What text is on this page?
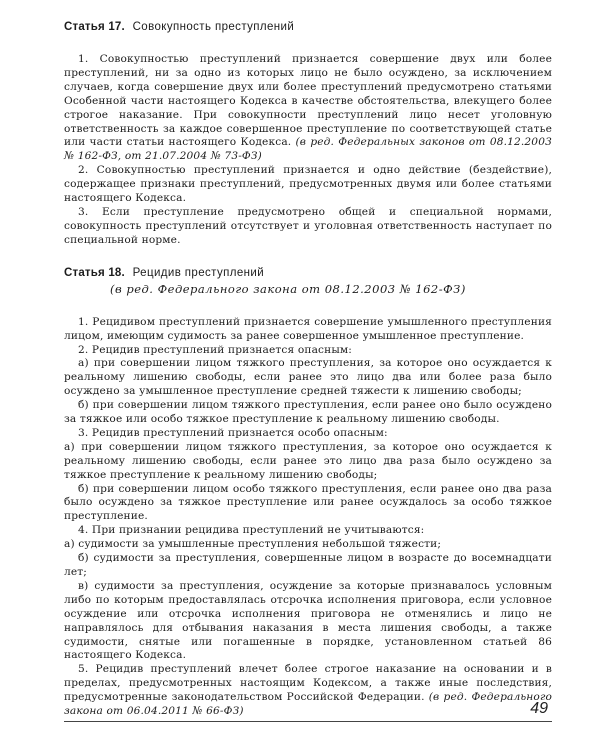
Статья 17. Совокупность преступлений

1. Совокупностью преступлений признается совершение двух или более преступлений, ни за одно из которых лицо не было осуждено, за исключением случаев, когда совершение двух или более преступлений предусмотрено статьями Особенной части настоящего Кодекса в качестве обстоятельства, влекущего более строгое наказание. При совокупности преступлений лицо несет уголовную ответственность за каждое совершенное преступление по соответствующей статье или части статьи настоящего Кодекса. (в ред. Федеральных законов от 08.12.2003 № 162-ФЗ, от 21.07.2004 № 73-ФЗ)

2. Совокупностью преступлений признается и одно действие (бездействие), содержащее признаки преступлений, предусмотренных двумя или более статьями настоящего Кодекса.

3. Если преступление предусмотрено общей и специальной нормами, совокупность преступлений отсутствует и уголовная ответственность наступает по специальной норме.

Статья 18. Рецидив преступлений
(в ред. Федерального закона от 08.12.2003 № 162-ФЗ)

1. Рецидивом преступлений признается совершение умышленного преступления лицом, имеющим судимость за ранее совершенное умышленное преступление.

2. Рецидив преступлений признается опасным:

а) при совершении лицом тяжкого преступления, за которое оно осуждается к реальному лишению свободы, если ранее это лицо два или более раза было осуждено за умышленное преступление средней тяжести к лишению свободы;

б) при совершении лицом тяжкого преступления, если ранее оно было осуждено за тяжкое или особо тяжкое преступление к реальному лишению свободы.

3. Рецидив преступлений признается особо опасным:

а) при совершении лицом тяжкого преступления, за которое оно осуждается к реальному лишению свободы, если ранее это лицо два раза было осуждено за тяжкое преступление к реальному лишению свободы;

б) при совершении лицом особо тяжкого преступления, если ранее оно два раза было осуждено за тяжкое преступление или ранее осуждалось за особо тяжкое преступление.

4. При признании рецидива преступлений не учитываются:

а) судимости за умышленные преступления небольшой тяжести;

б) судимости за преступления, совершенные лицом в возрасте до восемнадцати лет;

в) судимости за преступления, осуждение за которые признавалось условным либо по которым предоставлялась отсрочка исполнения приговора, если условное осуждение или отсрочка исполнения приговора не отменялись и лицо не направлялось для отбывания наказания в места лишения свободы, а также судимости, снятые или погашенные в порядке, установленном статьей 86 настоящего Кодекса.

5. Рецидив преступлений влечет более строгое наказание на основании и в пределах, предусмотренных настоящим Кодексом, а также иные последствия, предусмотренные законодательством Российской Федерации. (в ред. Федерального закона от 06.04.2011 № 66-ФЗ)	49
